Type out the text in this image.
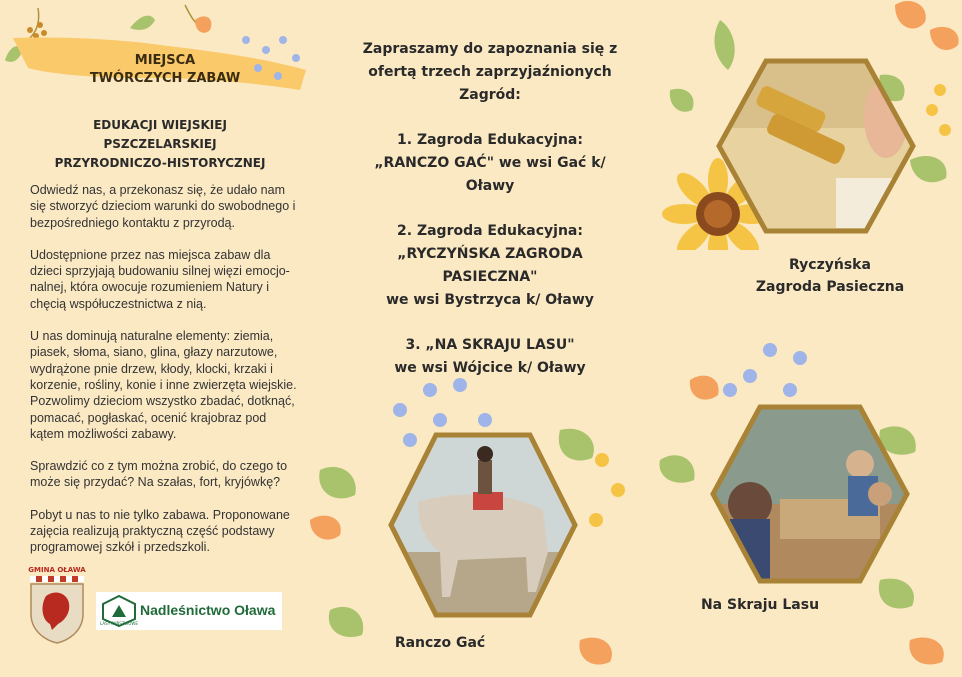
MIEJSCA
TWÓRCZYCH ZABAW
EDUKACJI WIEJSKIEJ
PSZCZELARSKIEJ
PRZYRODNICZO-HISTORYCZNEJ

Odwiedź nas, a przekonasz się, że udało nam się stworzyć dzieciom warunki do swobodnego i bezpośredniego kontaktu z przyrodą.

Udostępnione przez nas miejsca zabaw dla dzieci sprzyjają budowaniu silnej więzi emocjo-nalnej, która owocuje rozumieniem Natury i chęcią współuczestnictwa z nią.

U nas dominują naturalne elementy: ziemia, piasek, słoma, siano, glina, głazy narzutowe, wydrążone pnie drzew, kłody, klocki, krzaki i korzenie, rośliny, konie i inne zwierzęta wiejskie. Pozwolimy dzieciom wszystko zbadać, dotknąć, pomacać, pogłaskać, ocenić krajobraz pod kątem możliwości zabawy.

Sprawdzić co z tym można zrobić, do czego to może się przydać? Na szałas, fort, kryjówkę?

Pobyt u nas to nie tylko zabawa. Proponowane zajęcia realizują praktyczną część podstawy programowej szkół i przedszkoli.

GMINA OŁAWA
LASY PAŃSTWOWE
Nadleśnictwo Oława

Zapraszamy do zapoznania się z
ofertą trzech zaprzyjaźnionych
Zagród:

1. Zagroda Edukacyjna:
„RANCZO GAĆ" we wsi Gać k/
Oławy

2. Zagroda Edukacyjna:
„RYCZYŃSKA ZAGRODA
PASIECZNA"
we wsi Bystrzyca k/ Oławy

3. „NA SKRAJU LASU"
we wsi Wójcice k/ Oławy

Ryczyńska
Zagroda Pasieczna
Ranczo Gać
Na Skraju Lasu
